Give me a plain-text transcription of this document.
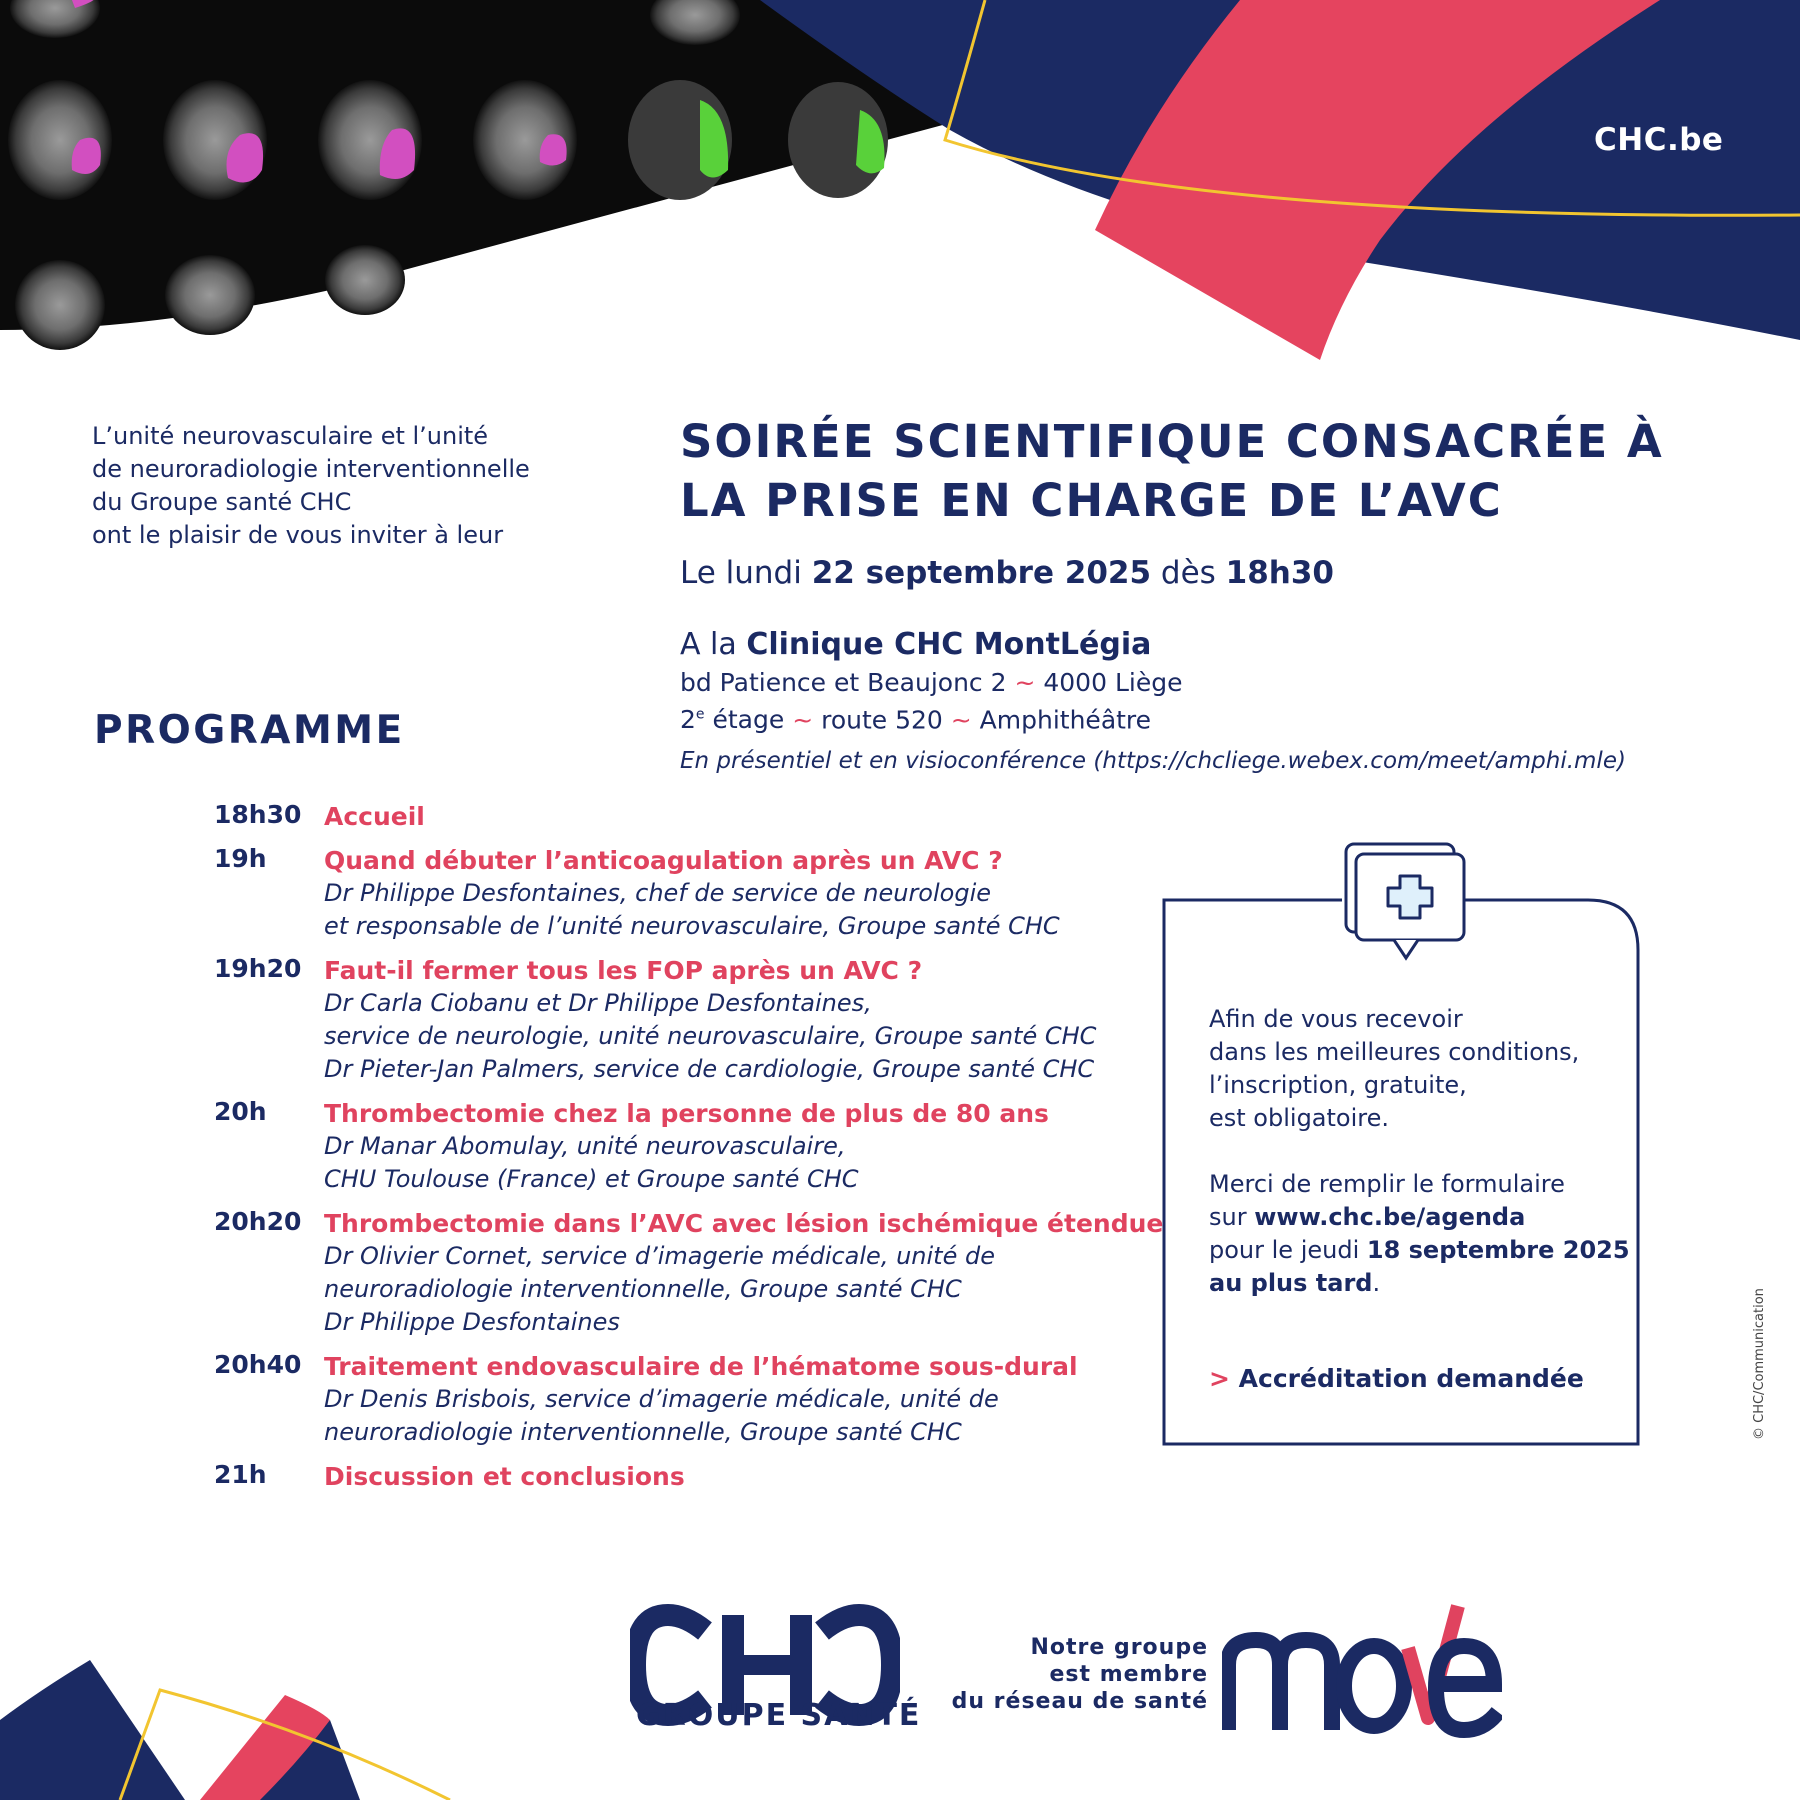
CHC.be
L’unité neurovasculaire et l’unité
de neuroradiologie interventionnelle
du Groupe santé CHC
ont le plaisir de vous inviter à leur
SOIRÉE SCIENTIFIQUE CONSACRÉE À
LA PRISE EN CHARGE DE L’AVC
Le lundi 22 septembre 2025 dès 18h30
A la Clinique CHC MontLégia
bd Patience et Beaujonc 2 ~ 4000 Liège
2e étage ~ route 520 ~ Amphithéâtre
En présentiel et en visioconférence (https://chcliege.webex.com/meet/amphi.mle)
PROGRAMME
18h30 Accueil
19h Quand débuter l’anticoagulation après un AVC ?
Dr Philippe Desfontaines, chef de service de neurologie
et responsable de l’unité neurovasculaire, Groupe santé CHC
19h20 Faut-il fermer tous les FOP après un AVC ?
Dr Carla Ciobanu et Dr Philippe Desfontaines,
service de neurologie, unité neurovasculaire, Groupe santé CHC
Dr Pieter-Jan Palmers, service de cardiologie, Groupe santé CHC
20h Thrombectomie chez la personne de plus de 80 ans
Dr Manar Abomulay, unité neurovasculaire,
CHU Toulouse (France) et Groupe santé CHC
20h20 Thrombectomie dans l’AVC avec lésion ischémique étendue
Dr Olivier Cornet, service d’imagerie médicale, unité de
neuroradiologie interventionnelle, Groupe santé CHC
Dr Philippe Desfontaines
20h40 Traitement endovasculaire de l’hématome sous-dural
Dr Denis Brisbois, service d’imagerie médicale, unité de
neuroradiologie interventionnelle, Groupe santé CHC
21h Discussion et conclusions
Afin de vous recevoir
dans les meilleures conditions,
l’inscription, gratuite,
est obligatoire.
Merci de remplir le formulaire
sur www.chc.be/agenda
pour le jeudi 18 septembre 2025
au plus tard.
> Accréditation demandée	© CHC/Communication
GROUPE SANTÉ
Notre groupe
est membre
du réseau de santé
